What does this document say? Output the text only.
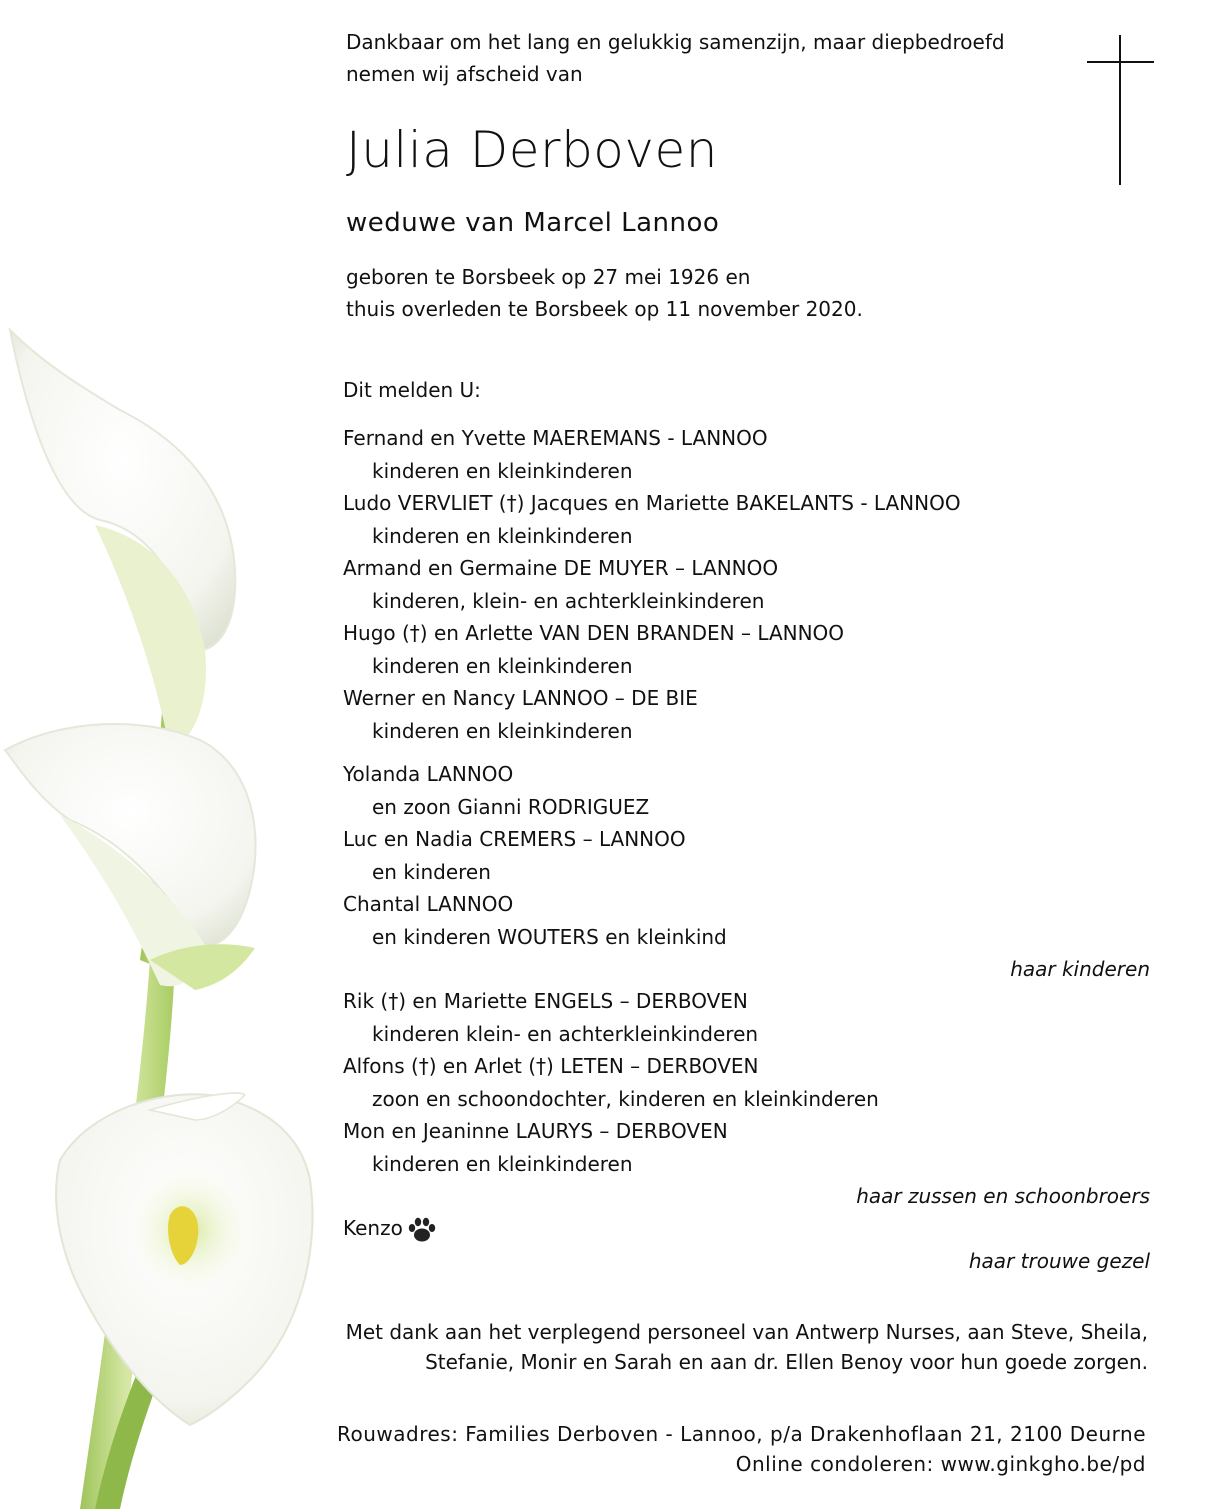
Dankbaar om het lang en gelukkig samenzijn, maar diepbedroefd
nemen wij afscheid van
Julia Derboven
weduwe van Marcel Lannoo
geboren te Borsbeek op 27 mei 1926 en
thuis overleden te Borsbeek op 11 november 2020.
Dit melden U:
Fernand en Yvette MAEREMANS - LANNOO
kinderen en kleinkinderen
Ludo VERVLIET (†) Jacques en Mariette BAKELANTS - LANNOO
kinderen en kleinkinderen
Armand en Germaine DE MUYER – LANNOO
kinderen, klein- en achterkleinkinderen
Hugo (†) en Arlette VAN DEN BRANDEN – LANNOO
kinderen en kleinkinderen
Werner en Nancy LANNOO – DE BIE
kinderen en kleinkinderen
Yolanda LANNOO
en zoon Gianni RODRIGUEZ
Luc en Nadia CREMERS – LANNOO
en kinderen
Chantal LANNOO
en kinderen WOUTERS en kleinkind
haar kinderen
Rik (†) en Mariette ENGELS – DERBOVEN
kinderen klein- en achterkleinkinderen
Alfons (†) en Arlet (†) LETEN – DERBOVEN
zoon en schoondochter, kinderen en kleinkinderen
Mon en Jeaninne LAURYS – DERBOVEN
kinderen en kleinkinderen
haar zussen en schoonbroers
Kenzo
haar trouwe gezel
Met dank aan het verplegend personeel van Antwerp Nurses, aan Steve, Sheila,
Stefanie, Monir en Sarah en aan dr. Ellen Benoy voor hun goede zorgen.
Rouwadres: Families Derboven - Lannoo, p/a Drakenhoflaan 21, 2100 Deurne
Online condoleren: www.ginkgho.be/pd
